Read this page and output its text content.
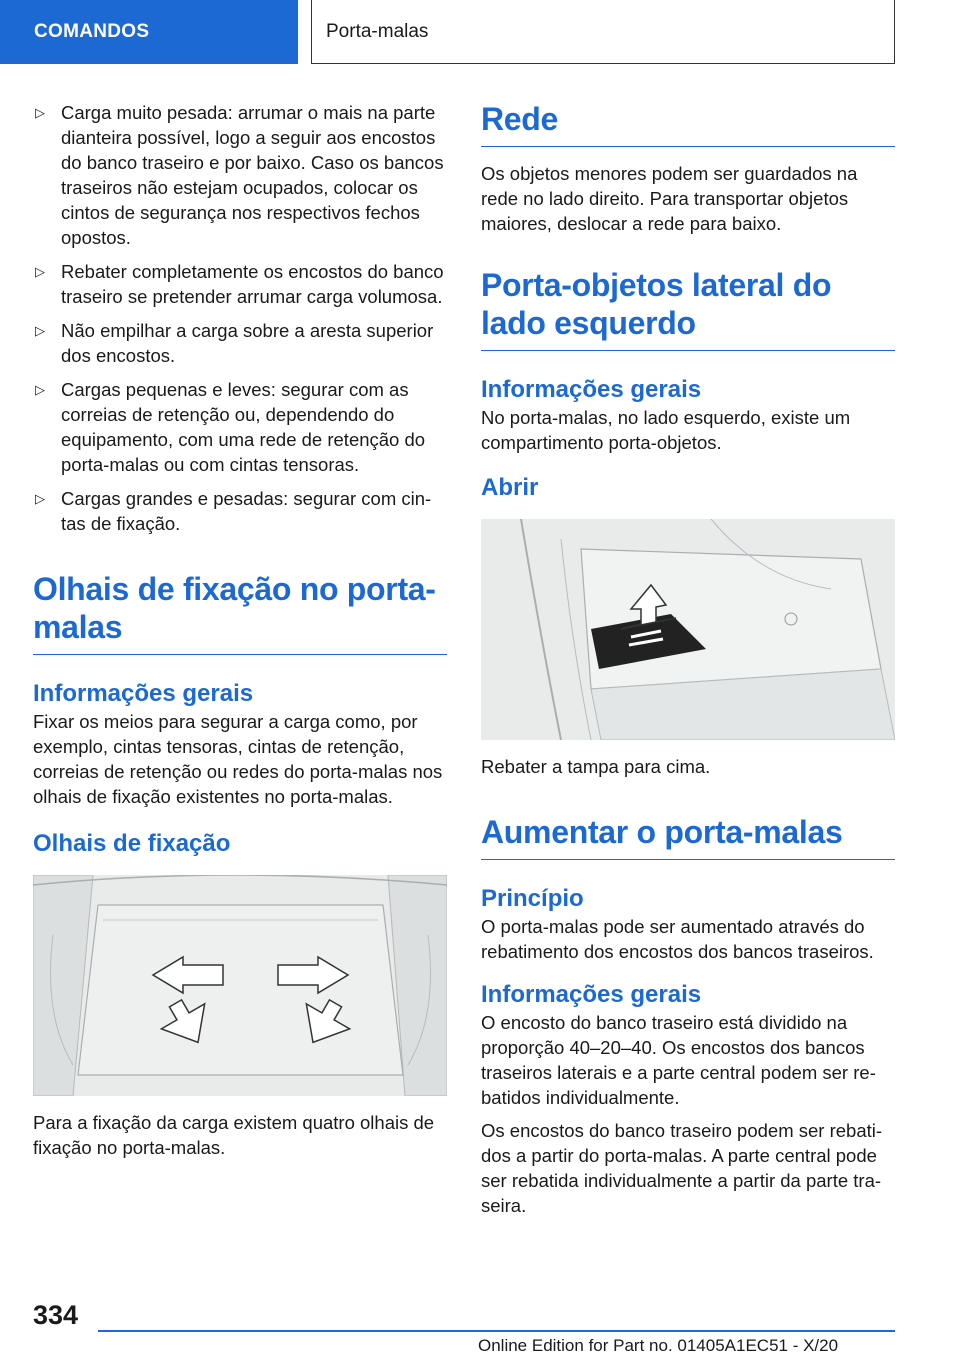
COMANDOS	Porta-malas
▷ Carga muito pesada: arrumar o mais na parte dianteira possível, logo a seguir aos encostos do banco traseiro e por baixo. Caso os bancos traseiros não estejam ocupados, colocar os cintos de segurança nos respectivos fechos opostos.
▷ Rebater completamente os encostos do banco traseiro se pretender arrumar carga volumosa.
▷ Não empilhar a carga sobre a aresta superior dos encostos.
▷ Cargas pequenas e leves: segurar com as correias de retenção ou, dependendo do equipamento, com uma rede de retenção do porta-malas ou com cintas tensoras.
▷ Cargas grandes e pesadas: segurar com cintas de fixação.
Olhais de fixação no porta-malas
Informações gerais

Fixar os meios para segurar a carga como, por exemplo, cintas tensoras, cintas de retenção, correias de retenção ou redes do porta-malas nos olhais de fixação existentes no porta-malas.

Olhais de fixação

Para a fixação da carga existem quatro olhais de fixação no porta-malas.

Rede

Os objetos menores podem ser guardados na rede no lado direito. Para transportar objetos maiores, deslocar a rede para baixo.

Porta-objetos lateral do lado esquerdo
Informações gerais

No porta-malas, no lado esquerdo, existe um compartimento porta-objetos.

Abrir

Rebater a tampa para cima.

Aumentar o porta-malas
Princípio

O porta-malas pode ser aumentado através do rebatimento dos encostos dos bancos traseiros.

Informações gerais

O encosto do banco traseiro está dividido na proporção 40–20–40. Os encostos dos bancos traseiros laterais e a parte central podem ser rebatidos individualmente.

Os encostos do banco traseiro podem ser rebatidos a partir do porta-malas. A parte central pode ser rebatida individualmente a partir da parte traseira.

334
Online Edition for Part no. 01405A1EC51 - X/20
